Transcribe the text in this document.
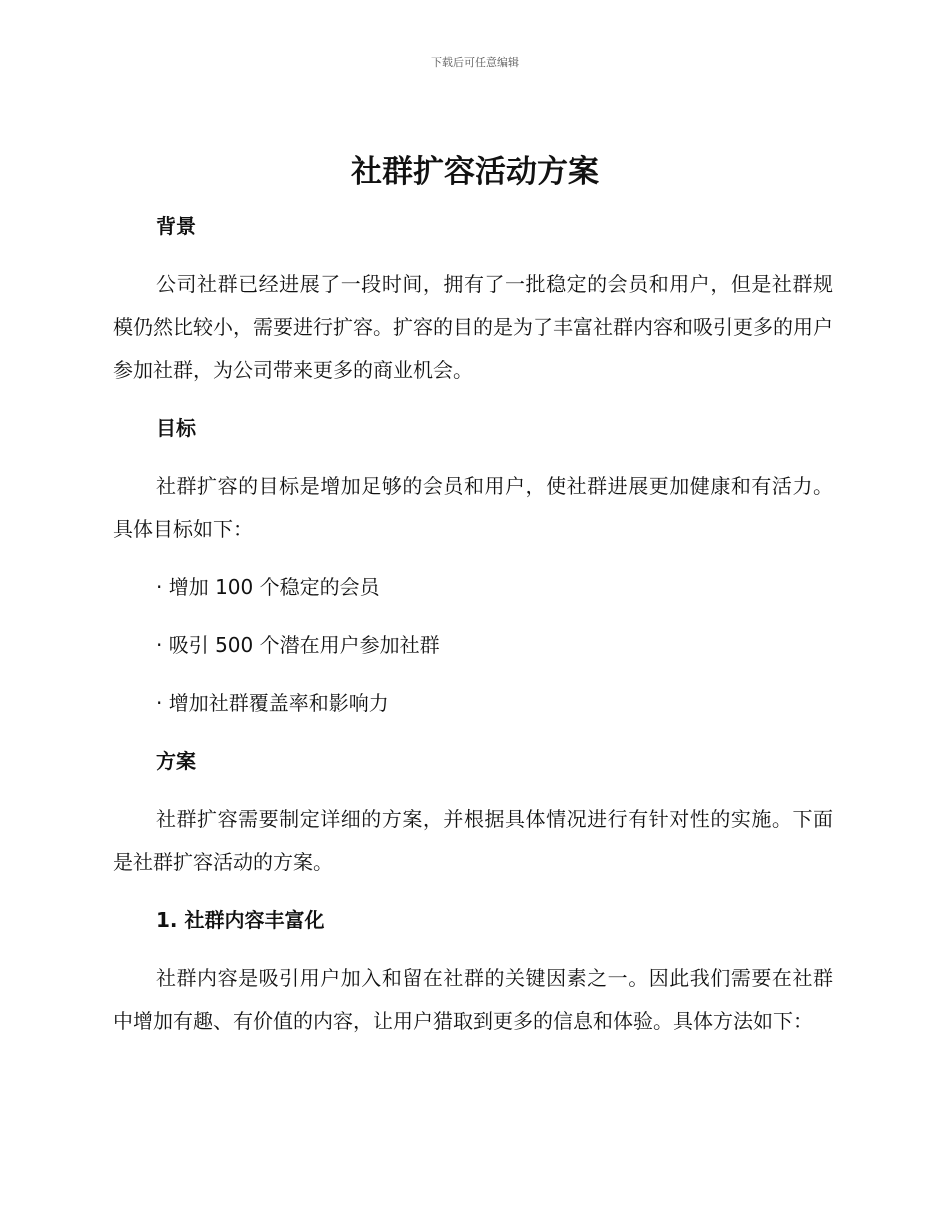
下载后可任意编辑
社群扩容活动方案
背景

公司社群已经进展了一段时间，拥有了一批稳定的会员和用户，但是社群规模仍然比较小，需要进行扩容。扩容的目的是为了丰富社群内容和吸引更多的用户参加社群，为公司带来更多的商业机会。

目标

社群扩容的目标是增加足够的会员和用户，使社群进展更加健康和有活力。具体目标如下：

· 增加 100 个稳定的会员
· 吸引 500 个潜在用户参加社群
· 增加社群覆盖率和影响力
方案

社群扩容需要制定详细的方案，并根据具体情况进行有针对性的实施。下面是社群扩容活动的方案。

1. 社群内容丰富化

社群内容是吸引用户加入和留在社群的关键因素之一。因此我们需要在社群中增加有趣、有价值的内容，让用户猎取到更多的信息和体验。具体方法如下：
